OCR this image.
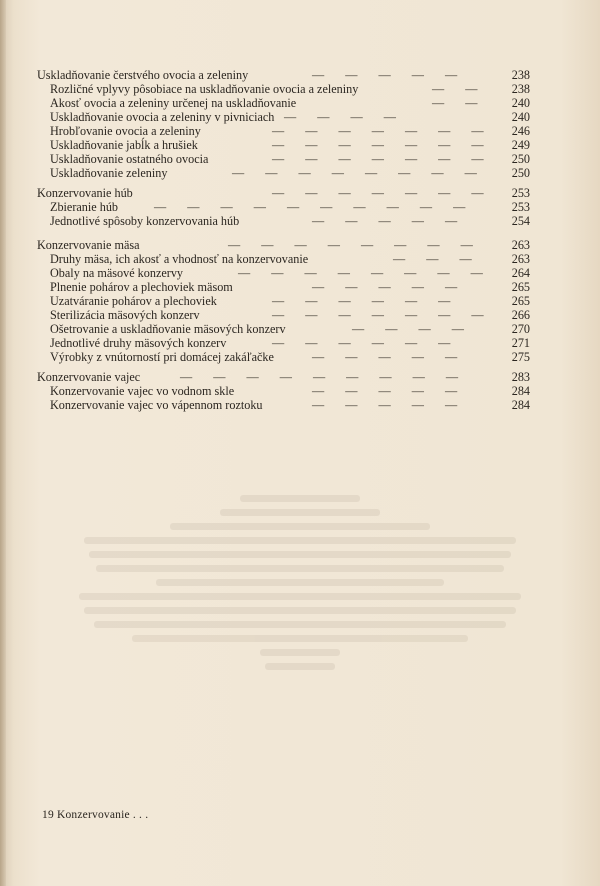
— — — — —
Uskladňovanie čerstvého ovocia a zeleniny	238
— —
Rozličné vplyvy pôsobiace na uskladňovanie ovocia a zeleniny	238
— —
Akosť ovocia a zeleniny určenej na uskladňovanie	240
— — — —
Uskladňovanie ovocia a zeleniny v pivniciach	240
— — — — — — —
Hrobľovanie ovocia a zeleniny	246
— — — — — — —
Uskladňovanie jabĺk a hrušiek	249
— — — — — — —
Uskladňovanie ostatného ovocia	250
— — — — — — — —
Uskladňovanie zeleniny	250
— — — — — — —
Konzervovanie húb	253
— — — — — — — — — —
Zbieranie húb	253
— — — — —
Jednotlivé spôsoby konzervovania húb	254
— — — — — — — —
Konzervovanie mäsa	263
— — —
Druhy mäsa, ich akosť a vhodnosť na konzervovanie	263
— — — — — — — —
Obaly na mäsové konzervy	264
— — — — —
Plnenie pohárov a plechoviek mäsom	265
— — — — — —
Uzatváranie pohárov a plechoviek	265
— — — — — — —
Sterilizácia mäsových konzerv	266
— — — —
Ošetrovanie a uskladňovanie mäsových konzerv	270
— — — — — —
Jednotlivé druhy mäsových konzerv	271
— — — — —
Výrobky z vnútorností pri domácej zakáľačke	275
— — — — — — — — —
Konzervovanie vajec	283
— — — — —
Konzervovanie vajec vo vodnom skle	284
— — — — —
Konzervovanie vajec vo vápennom roztoku	284
19 Konzervovanie . . .
